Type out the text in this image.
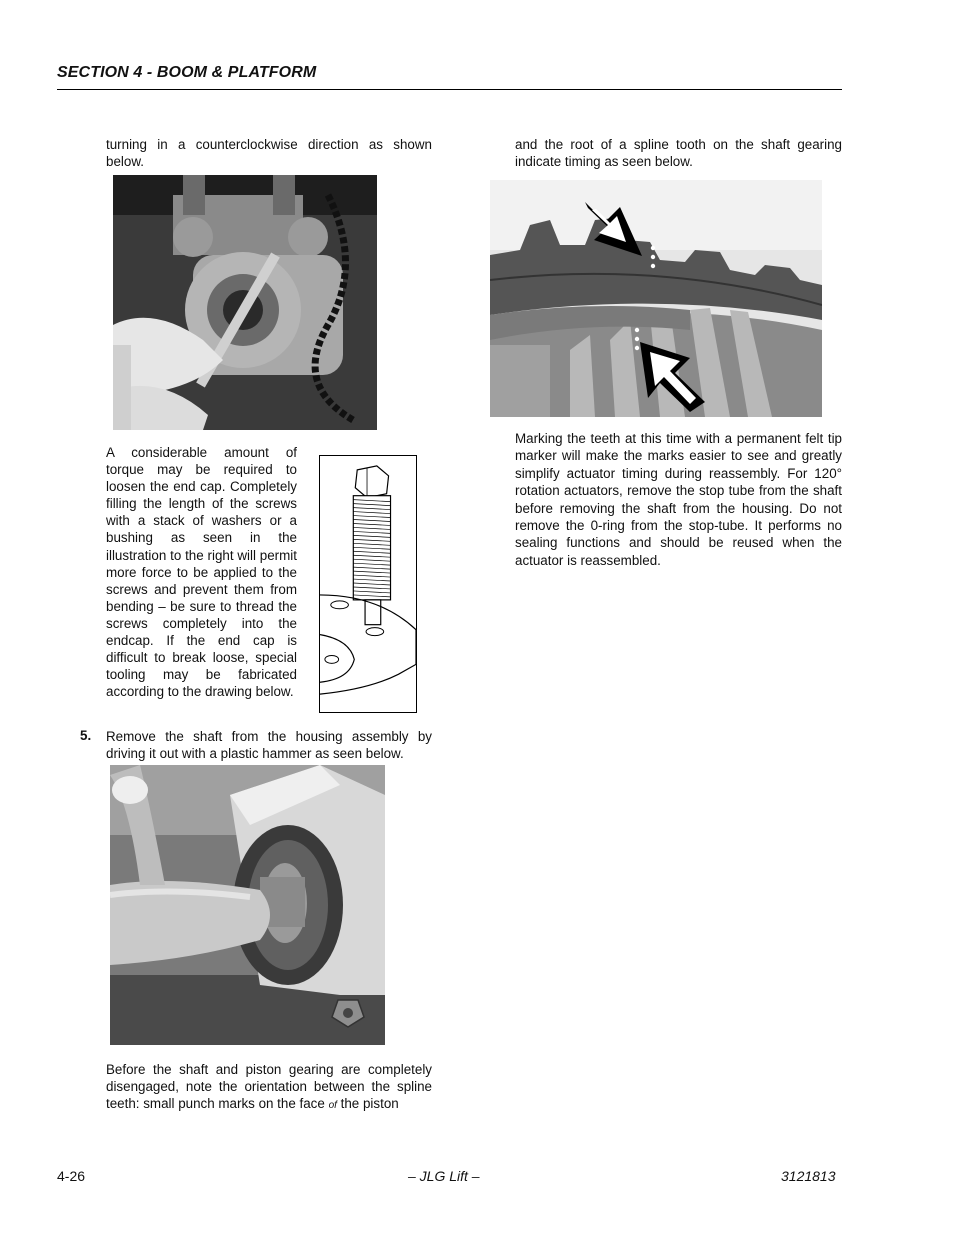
SECTION 4 - BOOM & PLATFORM

turning in a counterclockwise direction as shown below.

A considerable amount of torque may be required to loosen the end cap. Completely filling the length of the screws with a stack of washers or a bushing as seen in the illustration to the right will permit more force to be applied to the screws and prevent them from bending – be sure to thread the screws completely into the endcap. If the end cap is difficult to break loose, special tooling may be fabricated according to the drawing below.

5. Remove the shaft from the housing assembly by driving it out with a plastic hammer as seen below.

Before the shaft and piston gearing are completely disengaged, note the orientation between the spline teeth: small punch marks on the face of the piston

and the root of a spline tooth on the shaft gearing indicate timing as seen below.

Marking the teeth at this time with a permanent felt tip marker will make the marks easier to see and greatly simplify actuator timing during reassembly. For 120° rotation actuators, remove the stop tube from the shaft before removing the shaft from the housing. Do not remove the 0-ring from the stop-tube. It performs no sealing functions and should be reused when the actuator is reassembled.

4-26	– JLG Lift –	3121813
